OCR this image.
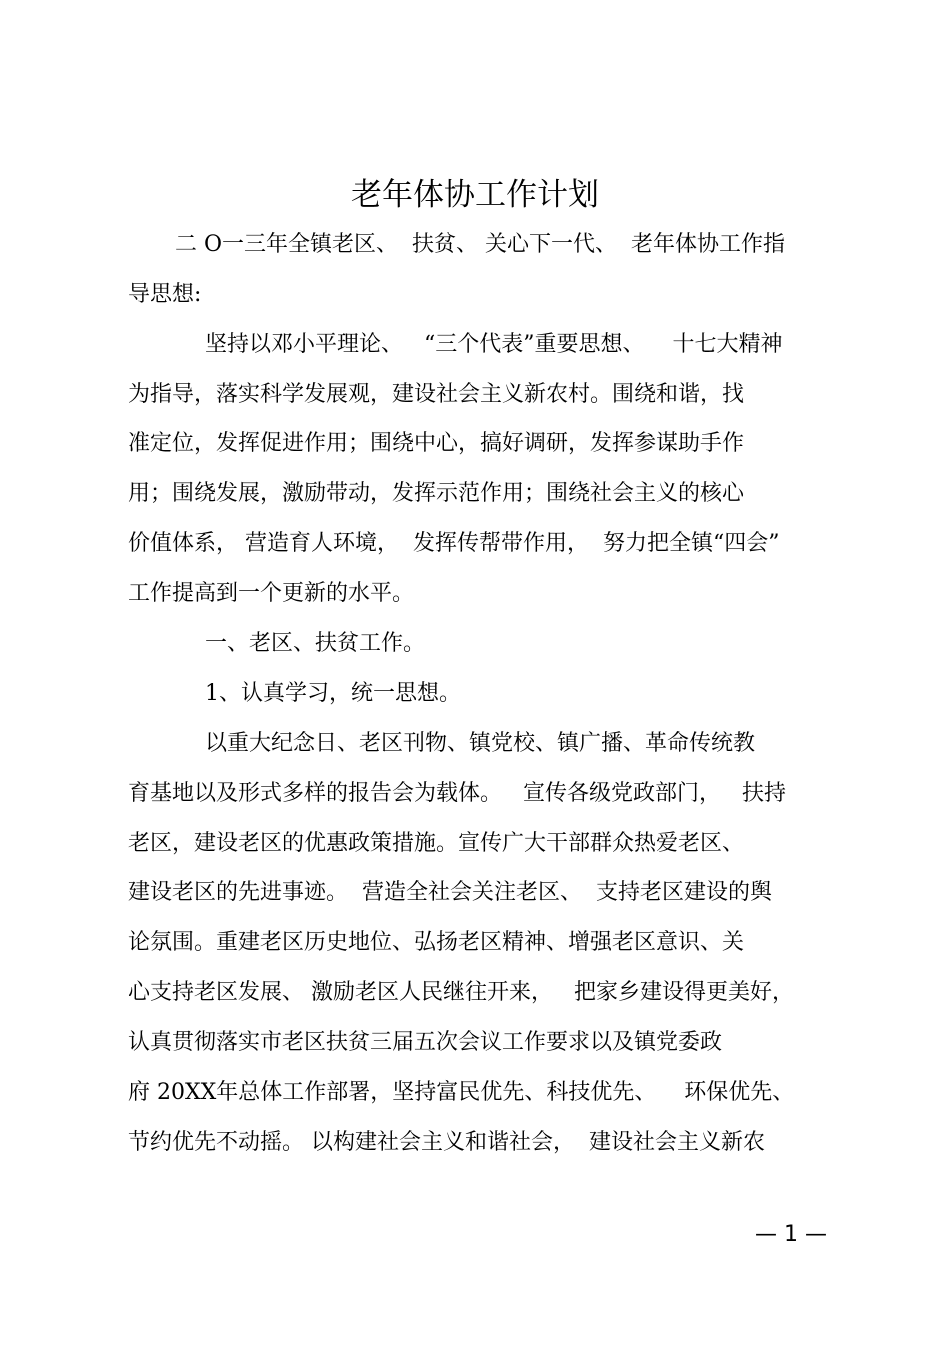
老年体协工作计划
二 O一三年全镇老区、  扶贫、 关心下一代、  老年体协工作指
导思想:
坚持以邓小平理论、   “三个代表”重要思想、    十七大精神
为指导，落实科学发展观，建设社会主义新农村。围绕和谐，找
准定位，发挥促进作用；围绕中心，搞好调研，发挥参谋助手作
用；围绕发展，激励带动，发挥示范作用；围绕社会主义的核心
价值体系， 营造育人环境，  发挥传帮带作用，  努力把全镇“四会”
工作提高到一个更新的水平。
一、老区、扶贫工作。
1、认真学习，统一思想。
以重大纪念日、老区刊物、镇党校、镇广播、革命传统教
育基地以及形式多样的报告会为载体。   宣传各级党政部门，   扶持
老区，建设老区的优惠政策措施。宣传广大干部群众热爱老区、
建设老区的先进事迹。  营造全社会关注老区、  支持老区建设的舆
论氛围。重建老区历史地位、弘扬老区精神、增强老区意识、关
心支持老区发展、 激励老区人民继往开来，   把家乡建设得更美好，
认真贯彻落实市老区扶贫三届五次会议工作要求以及镇党委政
府 20XX年总体工作部署，坚持富民优先、科技优先、    环保优先、
节约优先不动摇。 以构建社会主义和谐社会，  建设社会主义新农
— 1 —
